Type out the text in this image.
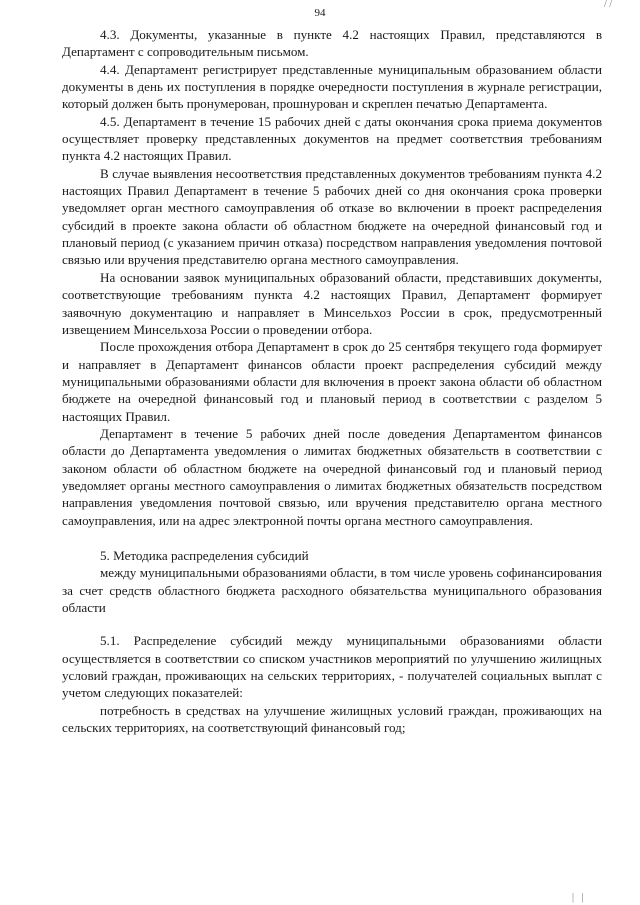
94
/ /
|   |

4.3. Документы, указанные в пункте 4.2 настоящих Правил, представляются в Департамент с сопроводительным письмом.

4.4. Департамент регистрирует представленные муниципальным образованием области документы в день их поступления в порядке очередности поступления в журнале регистрации, который должен быть пронумерован, прошнурован и скреплен печатью Департамента.

4.5. Департамент в течение 15 рабочих дней с даты окончания срока приема документов осуществляет проверку представленных документов на предмет соответствия требованиям пункта 4.2 настоящих Правил.

В случае выявления несоответствия представленных документов требованиям пункта 4.2 настоящих Правил Департамент в течение 5 рабочих дней со дня окончания срока проверки уведомляет орган местного самоуправления об отказе во включении в проект распределения субсидий в проекте закона области об областном бюджете на очередной финансовый год и плановый период (с указанием причин отказа) посредством направления уведомления почтовой связью или вручения представителю органа местного самоуправления.

На основании заявок муниципальных образований области, представивших документы, соответствующие требованиям пункта 4.2 настоящих Правил, Департамент формирует заявочную документацию и направляет в Минсельхоз России в срок, предусмотренный извещением Минсельхоза России о проведении отбора.

После прохождения отбора Департамент в срок до 25 сентября текущего года формирует и направляет в Департамент финансов области проект распределения субсидий между муниципальными образованиями области для включения в проект закона области об областном бюджете на очередной финансовый год и плановый период в соответствии с разделом 5 настоящих Правил.

Департамент в течение 5 рабочих дней после доведения Департаментом финансов области до Департамента уведомления о лимитах бюджетных обязательств в соответствии с законом области об областном бюджете на очередной финансовый год и плановый период уведомляет органы местного самоуправления о лимитах бюджетных обязательств посредством направления уведомления почтовой связью, или вручения представителю органа местного самоуправления, или на адрес электронной почты органа местного самоуправления.

5. Методика распределения субсидий

между муниципальными образованиями области, в том числе уровень софинансирования за счет средств областного бюджета расходного обязательства муниципального образования области

5.1. Распределение субсидий между муниципальными образованиями области осуществляется в соответствии со списком участников мероприятий по улучшению жилищных условий граждан, проживающих на сельских территориях, - получателей социальных выплат с учетом следующих показателей:

потребность в средствах на улучшение жилищных условий граждан, проживающих на сельских территориях, на соответствующий финансовый год;
